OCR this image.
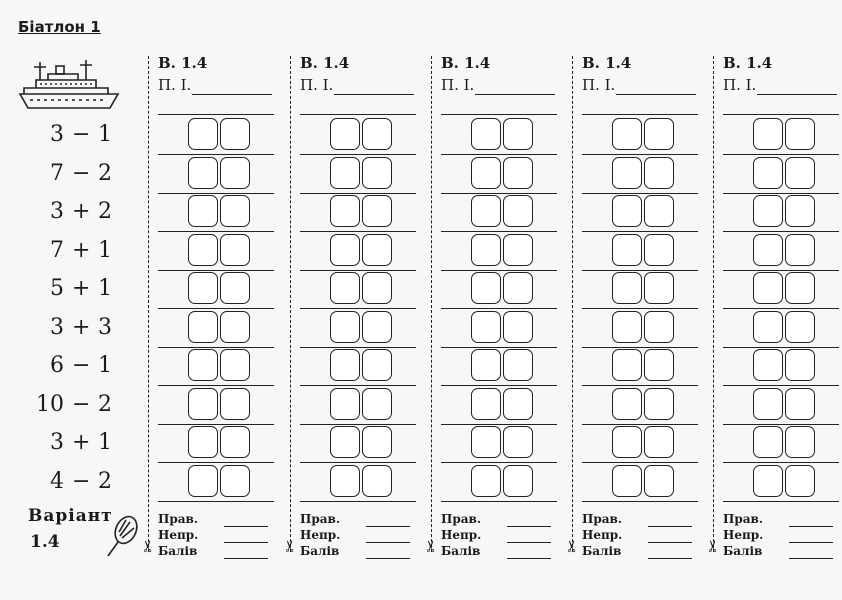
Біатлон 1
3 − 1
7 − 2
3 + 2
7 + 1
5 + 1
3 + 3
6 − 1
10 − 2
3 + 1
4 − 2
Варіант
1.4	✂
В. 1.4
П. І.
Прав.
Непр.
Балів	✂
В. 1.4
П. І.
Прав.
Непр.
Балів	✂
В. 1.4
П. І.
Прав.
Непр.
Балів	✂
В. 1.4
П. І.
Прав.
Непр.
Балів	✂
В. 1.4
П. І.
Прав.
Непр.
Балів
